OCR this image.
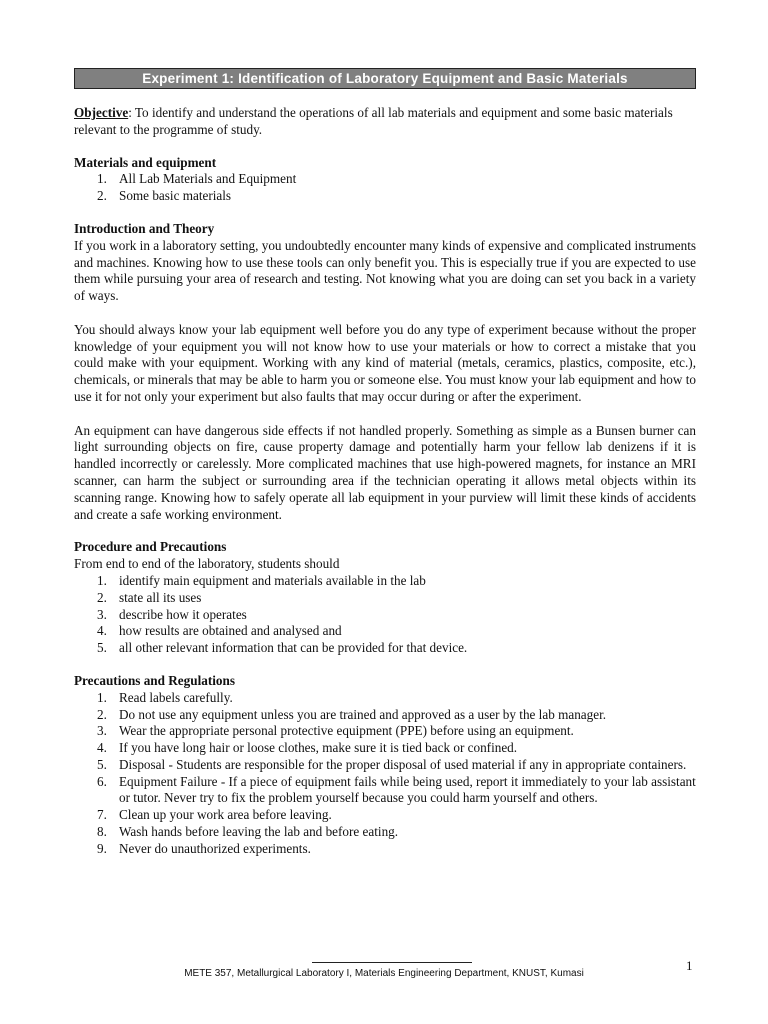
Experiment 1: Identification of Laboratory Equipment and Basic Materials
Objective: To identify and understand the operations of all lab materials and equipment and some basic materials relevant to the programme of study.
Materials and equipment
1. All Lab Materials and Equipment
2. Some basic materials
Introduction and Theory

If you work in a laboratory setting, you undoubtedly encounter many kinds of expensive and complicated instruments and machines. Knowing how to use these tools can only benefit you. This is especially true if you are expected to use them while pursuing your area of research and testing. Not knowing what you are doing can set you back in a variety of ways.

You should always know your lab equipment well before you do any type of experiment because without the proper knowledge of your equipment you will not know how to use your materials or how to correct a mistake that you could make with your equipment. Working with any kind of material (metals, ceramics, plastics, composite, etc.), chemicals, or minerals that may be able to harm you or someone else. You must know your lab equipment and how to use it for not only your experiment but also faults that may occur during or after the experiment.

An equipment can have dangerous side effects if not handled properly. Something as simple as a Bunsen burner can light surrounding objects on fire, cause property damage and potentially harm your fellow lab denizens if it is handled incorrectly or carelessly. More complicated machines that use high-powered magnets, for instance an MRI scanner, can harm the subject or surrounding area if the technician operating it allows metal objects within its scanning range. Knowing how to safely operate all lab equipment in your purview will limit these kinds of accidents and create a safe working environment.

Procedure and Precautions

From end to end of the laboratory, students should

1. identify main equipment and materials available in the lab
2. state all its uses
3. describe how it operates
4. how results are obtained and analysed and
5. all other relevant information that can be provided for that device.
Precautions and Regulations
1. Read labels carefully.
2. Do not use any equipment unless you are trained and approved as a user by the lab manager.
3. Wear the appropriate personal protective equipment (PPE) before using an equipment.
4. If you have long hair or loose clothes, make sure it is tied back or confined.
5. Disposal - Students are responsible for the proper disposal of used material if any in appropriate containers.
6. Equipment Failure - If a piece of equipment fails while being used, report it immediately to your lab assistant or tutor. Never try to fix the problem yourself because you could harm yourself and others.
7. Clean up your work area before leaving.
8. Wash hands before leaving the lab and before eating.
9. Never do unauthorized experiments.
1
METE 357, Metallurgical Laboratory I, Materials Engineering Department, KNUST, Kumasi
